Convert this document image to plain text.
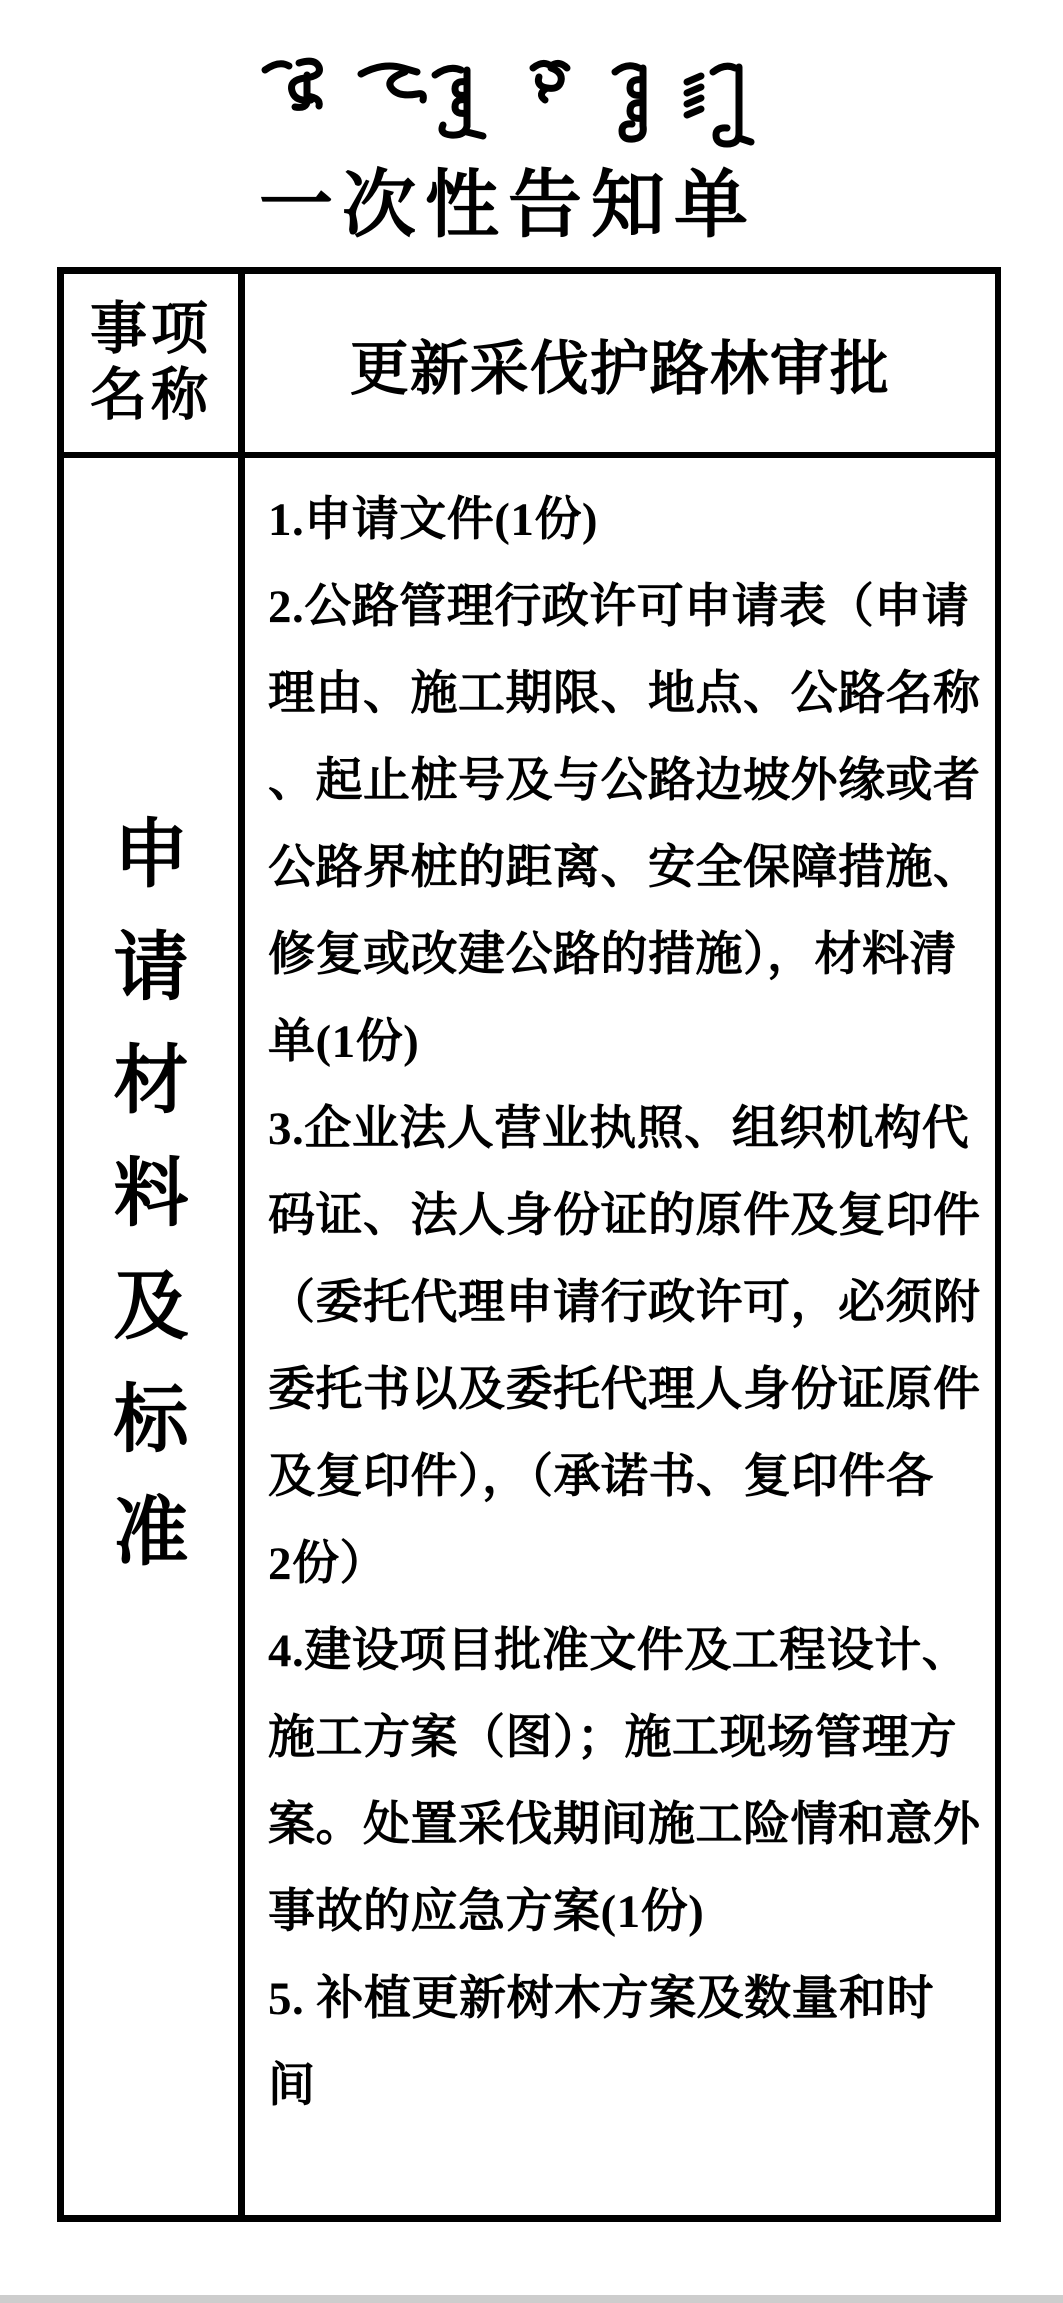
一次性告知单
事项名称	更新采伐护路林审批
申
请
材
料
及
标
准
1.申请文件(1份)
2.公路管理行政许可申请表（申请
理由、施工期限、地点、公路名称
、起止桩号及与公路边坡外缘或者
公路界桩的距离、安全保障措施、
修复或改建公路的措施），材料清
单(1份)
3.企业法人营业执照、组织机构代
码证、法人身份证的原件及复印件
（委托代理申请行政许可，必须附
委托书以及委托代理人身份证原件
及复印件），（承诺书、复印件各
2份）
4.建设项目批准文件及工程设计、
施工方案（图）；施工现场管理方
案。处置采伐期间施工险情和意外
事故的应急方案(1份)
5. 补植更新树木方案及数量和时
间
